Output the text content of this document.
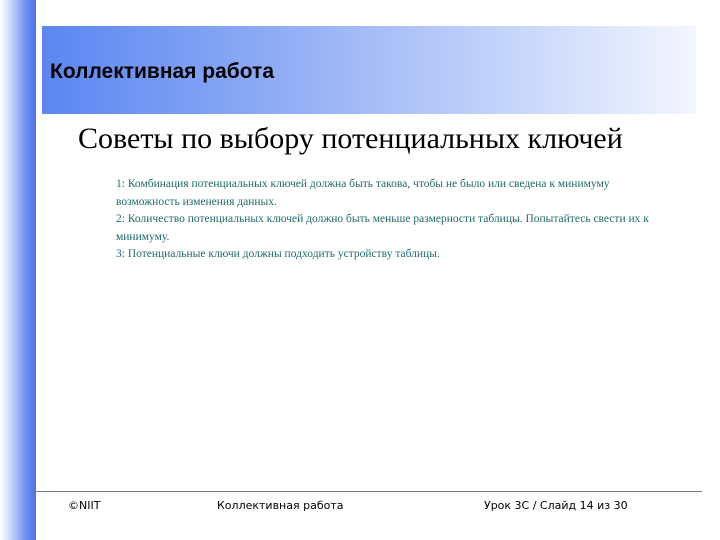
Коллективная работа
Советы по выбору потенциальных ключей

1: Комбинация потенциальных ключей должна быть такова, чтобы не было или сведена к минимуму возможность изменения данных.

2: Количество потенциальных ключей должно быть меньше размерности таблицы. Попытайтесь свести их к минимуму.

3: Потенциальные ключи должны подходить устройству таблицы.

©NIIT	Коллективная работа	Урок 3C / Слайд 14 из 30
